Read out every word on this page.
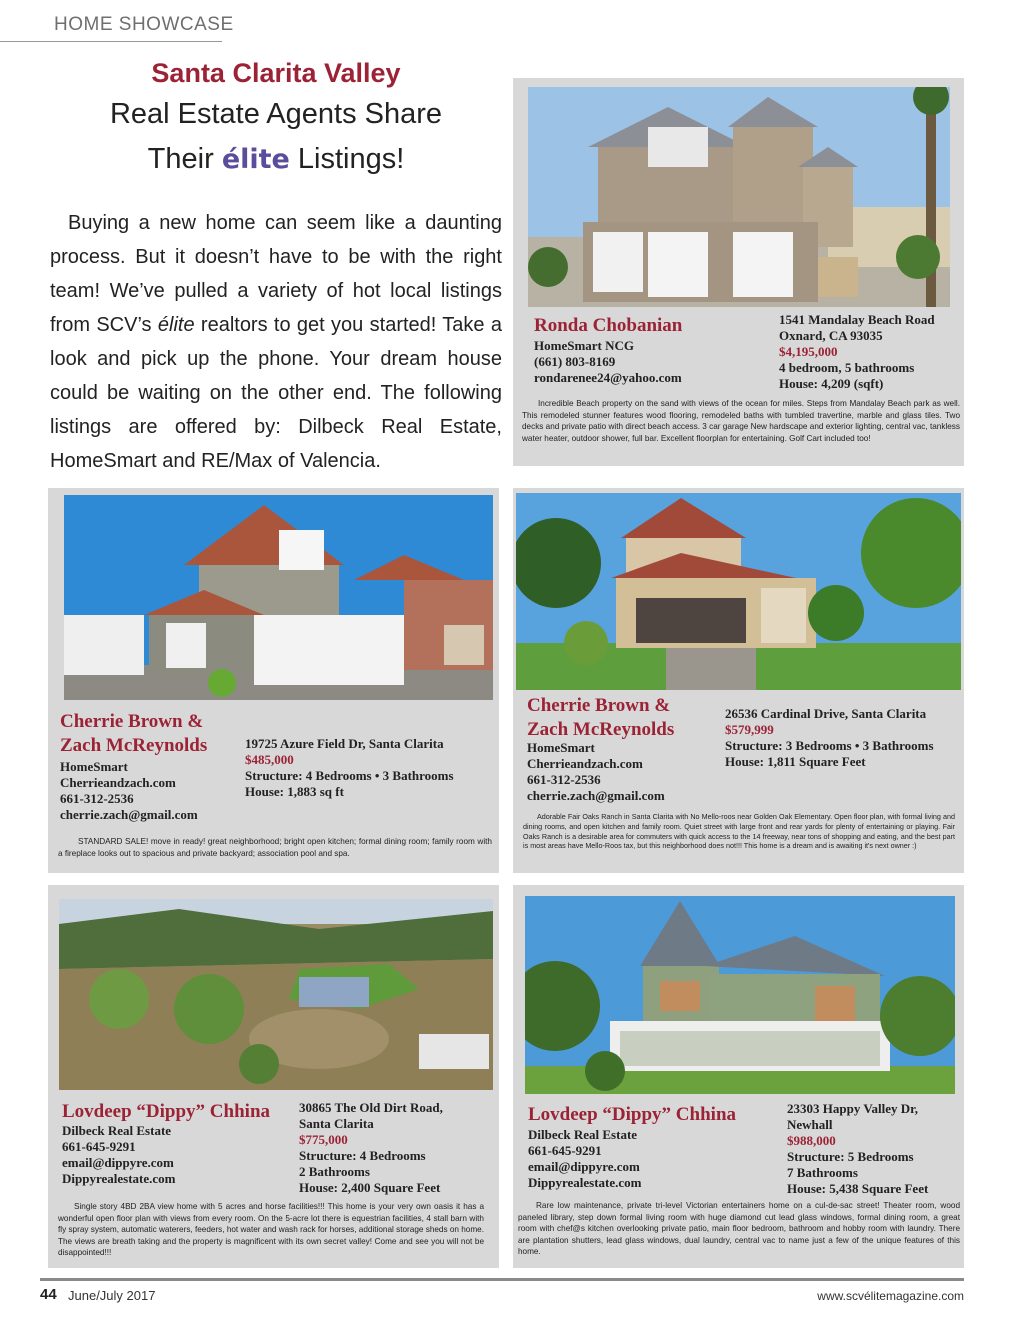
HOME SHOWCASE
Santa Clarita Valley
Real Estate Agents Share
Their élite Listings!
Buying a new home can seem like a daunting process. But it doesn’t have to be with the right team! We’ve pulled a variety of hot local listings from SCV’s élite realtors to get you started! Take a look and pick up the phone. Your dream house could be waiting on the other end. The following listings are offered by: Dilbeck Real Estate, HomeSmart and RE/Max of Valencia.
Ronda Chobanian
HomeSmart NCG
(661) 803-8169
rondarenee24@yahoo.com
1541 Mandalay Beach Road
Oxnard, CA 93035
$4,195,000
4 bedroom, 5 bathrooms
House: 4,209 (sqft)
Incredible Beach property on the sand with views of the ocean for miles. Steps from Mandalay Beach park as well. This remodeled stunner features wood flooring, remodeled baths with tumbled travertine, marble and glass tiles. Two decks and private patio with direct beach access. 3 car garage New hardscape and exterior lighting, central vac, tankless water heater, outdoor shower, full bar. Excellent floorplan for entertaining. Golf Cart included too!
Cherrie Brown &
Zach McReynolds
HomeSmart
Cherrieandzach.com
661-312-2536
cherrie.zach@gmail.com
19725 Azure Field Dr, Santa Clarita
$485,000
Structure: 4 Bedrooms • 3 Bathrooms
House: 1,883 sq ft
STANDARD SALE! move in ready! great neighborhood; bright open kitchen; formal dining room; family room with a fireplace looks out to spacious and private backyard; association pool and spa.
Cherrie Brown &
Zach McReynolds
HomeSmart
Cherrieandzach.com
661-312-2536
cherrie.zach@gmail.com
26536 Cardinal Drive, Santa Clarita
$579,999
Structure: 3 Bedrooms • 3 Bathrooms
House: 1,811 Square Feet
Adorable Fair Oaks Ranch in Santa Clarita with No Mello-roos near Golden Oak Elementary. Open floor plan, with formal living and dining rooms, and open kitchen and family room. Quiet street with large front and rear yards for plenty of entertaining or playing. Fair Oaks Ranch is a desirable area for commuters with quick access to the 14 freeway, near tons of shopping and eating, and the best part is most areas have Mello-Roos tax, but this neighborhood does not!!! This home is a dream and is awaiting it's next owner :)
Lovdeep “Dippy” Chhina
Dilbeck Real Estate
661-645-9291
email@dippyre.com
Dippyrealestate.com
30865 The Old Dirt Road,
Santa Clarita
$775,000
Structure: 4 Bedrooms
2 Bathrooms
House: 2,400 Square Feet
Single story 4BD 2BA view home with 5 acres and horse facilities!!! This home is your very own oasis it has a wonderful open floor plan with views from every room. On the 5-acre lot there is equestrian facilities, 4 stall barn with fly spray system, automatic waterers, feeders, hot water and wash rack for horses, additional storage sheds on home. The views are breath taking and the property is magnificent with its own secret valley! Come and see you will not be disappointed!!!
Lovdeep “Dippy” Chhina
Dilbeck Real Estate
661-645-9291
email@dippyre.com
Dippyrealestate.com
23303 Happy Valley Dr,
Newhall
$988,000
Structure: 5 Bedrooms
7 Bathrooms
House: 5,438 Square Feet
Rare low maintenance, private tri-level Victorian entertainers home on a cul-de-sac street! Theater room, wood paneled library, step down formal living room with huge diamond cut lead glass windows, formal dining room, a great room with chef@s kitchen overlooking private patio, main floor bedroom, bathroom and hobby room with laundry. There are plantation shutters, lead glass windows, dual laundry, central vac to name just a few of the unique features of this home.
44 June/July 2017	www.scvélitemagazine.com
